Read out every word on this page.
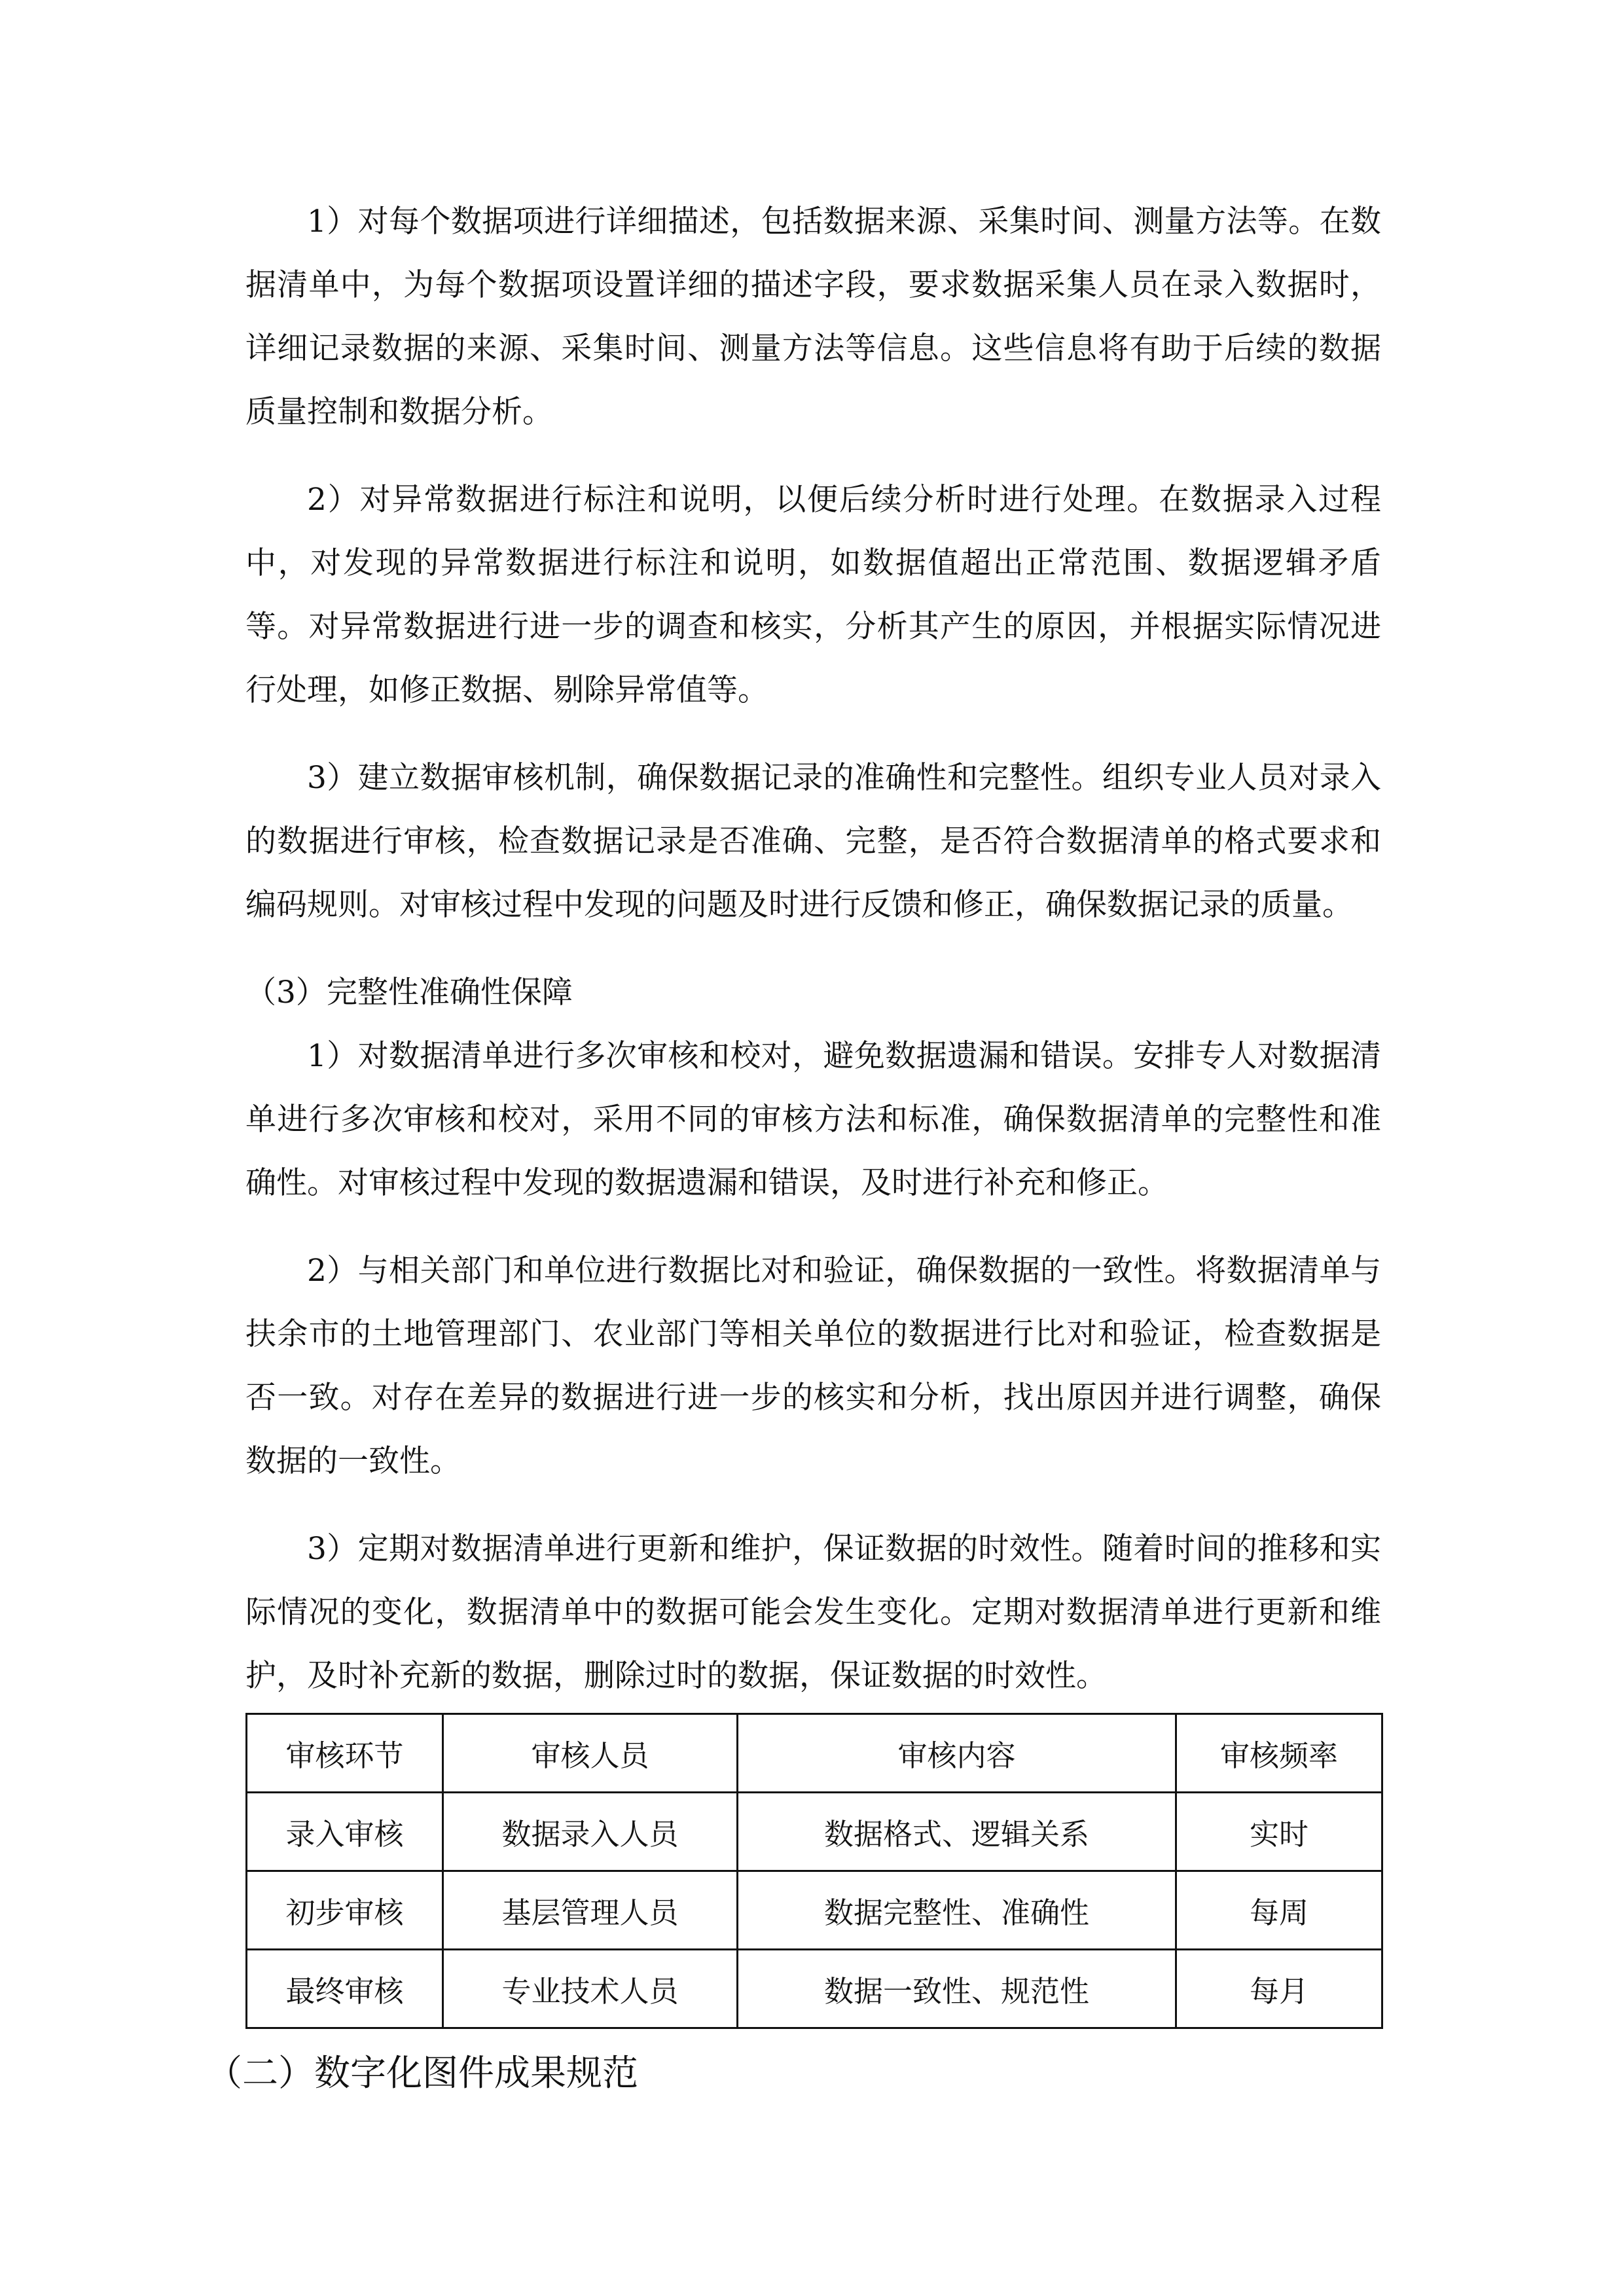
1）对每个数据项进行详细描述，包括数据来源、采集时间、测量方法等。在数据清单中，为每个数据项设置详细的描述字段，要求数据采集人员在录入数据时，详细记录数据的来源、采集时间、测量方法等信息。这些信息将有助于后续的数据质量控制和数据分析。

2）对异常数据进行标注和说明，以便后续分析时进行处理。在数据录入过程中，对发现的异常数据进行标注和说明，如数据值超出正常范围、数据逻辑矛盾等。对异常数据进行进一步的调查和核实，分析其产生的原因，并根据实际情况进行处理，如修正数据、剔除异常值等。

3）建立数据审核机制，确保数据记录的准确性和完整性。组织专业人员对录入的数据进行审核，检查数据记录是否准确、完整，是否符合数据清单的格式要求和编码规则。对审核过程中发现的问题及时进行反馈和修正，确保数据记录的质量。

（3）完整性准确性保障

1）对数据清单进行多次审核和校对，避免数据遗漏和错误。安排专人对数据清单进行多次审核和校对，采用不同的审核方法和标准，确保数据清单的完整性和准确性。对审核过程中发现的数据遗漏和错误，及时进行补充和修正。

2）与相关部门和单位进行数据比对和验证，确保数据的一致性。将数据清单与扶余市的土地管理部门、农业部门等相关单位的数据进行比对和验证，检查数据是否一致。对存在差异的数据进行进一步的核实和分析，找出原因并进行调整，确保数据的一致性。

3）定期对数据清单进行更新和维护，保证数据的时效性。随着时间的推移和实际情况的变化，数据清单中的数据可能会发生变化。定期对数据清单进行更新和维护，及时补充新的数据，删除过时的数据，保证数据的时效性。

审核环节	审核人员	审核内容	审核频率
录入审核	数据录入人员	数据格式、逻辑关系	实时
初步审核	基层管理人员	数据完整性、准确性	每周
最终审核	专业技术人员	数据一致性、规范性	每月

（二）数字化图件成果规范
